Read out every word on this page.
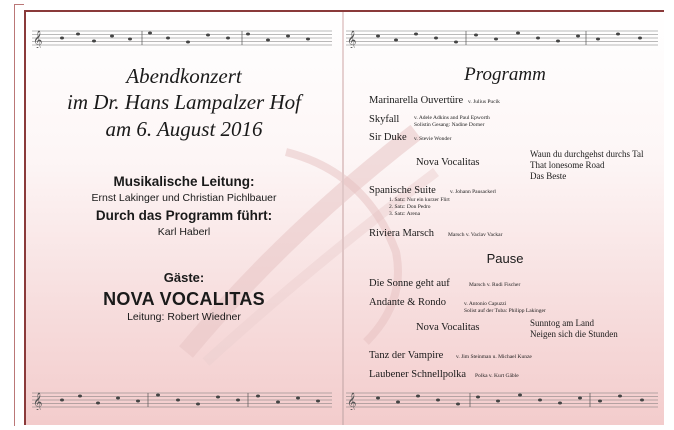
𝄞	𝄞
𝄞	𝄞
Abendkonzert
im Dr. Hans Lampalzer Hof
am 6. August 2016
Musikalische Leitung:
Ernst Lakinger und Christian Pichlbauer
Durch das Programm führt:
Karl Haberl
Gäste:
NOVA VOCALITAS
Leitung: Robert Wiedner
Programm
Marinarella Ouvertüre v. Julius Pucik
Skyfall	v. Adele Adkins and Paul Epworth
Solistin Gesang: Nadine Dorner
Sir Duke v. Stevie Wonder
Nova Vocalitas
Waun du durchgehst durchs Tal
That lonesome Road
Das Beste
Spanische Suite	v. Johann Pausackerl
1. Satz: Nur ein kurzer Flirt
2. Satz: Don Pedro
3. Satz: Arena
Riviera Marsch	Marsch v. Vaclav Vackar
Pause
Die Sonne geht auf	Marsch v. Rudi Fischer
Andante & Rondo	v. Antonio Capuzzi
Solist auf der Tuba: Philipp Lakinger
Nova Vocalitas	Sunntog am Land
Neigen sich die Stunden
Tanz der Vampire v. Jim Steinman u. Michael Kunze
Laubener Schnellpolka Polka v. Kurt Gäble
